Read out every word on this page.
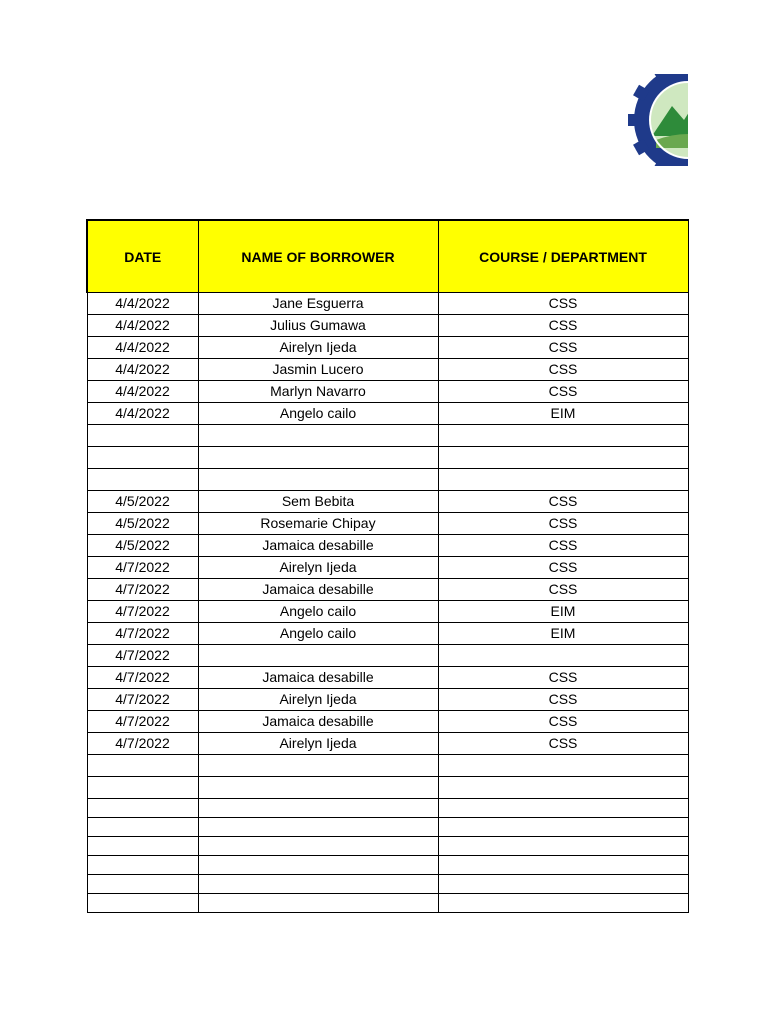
DATE	NAME OF BORROWER	COURSE / DEPARTMENT
4/4/2022	Jane Esguerra	CSS
4/4/2022	Julius Gumawa	CSS
4/4/2022	Airelyn Ijeda	CSS
4/4/2022	Jasmin Lucero	CSS
4/4/2022	Marlyn Navarro	CSS
4/4/2022	Angelo cailo	EIM

4/5/2022	Sem Bebita	CSS
4/5/2022	Rosemarie Chipay	CSS
4/5/2022	Jamaica desabille	CSS
4/7/2022	Airelyn Ijeda	CSS
4/7/2022	Jamaica desabille	CSS
4/7/2022	Angelo cailo	EIM
4/7/2022	Angelo cailo	EIM
4/7/2022		
4/7/2022	Jamaica desabille	CSS
4/7/2022	Airelyn Ijeda	CSS
4/7/2022	Jamaica desabille	CSS
4/7/2022	Airelyn Ijeda	CSS
